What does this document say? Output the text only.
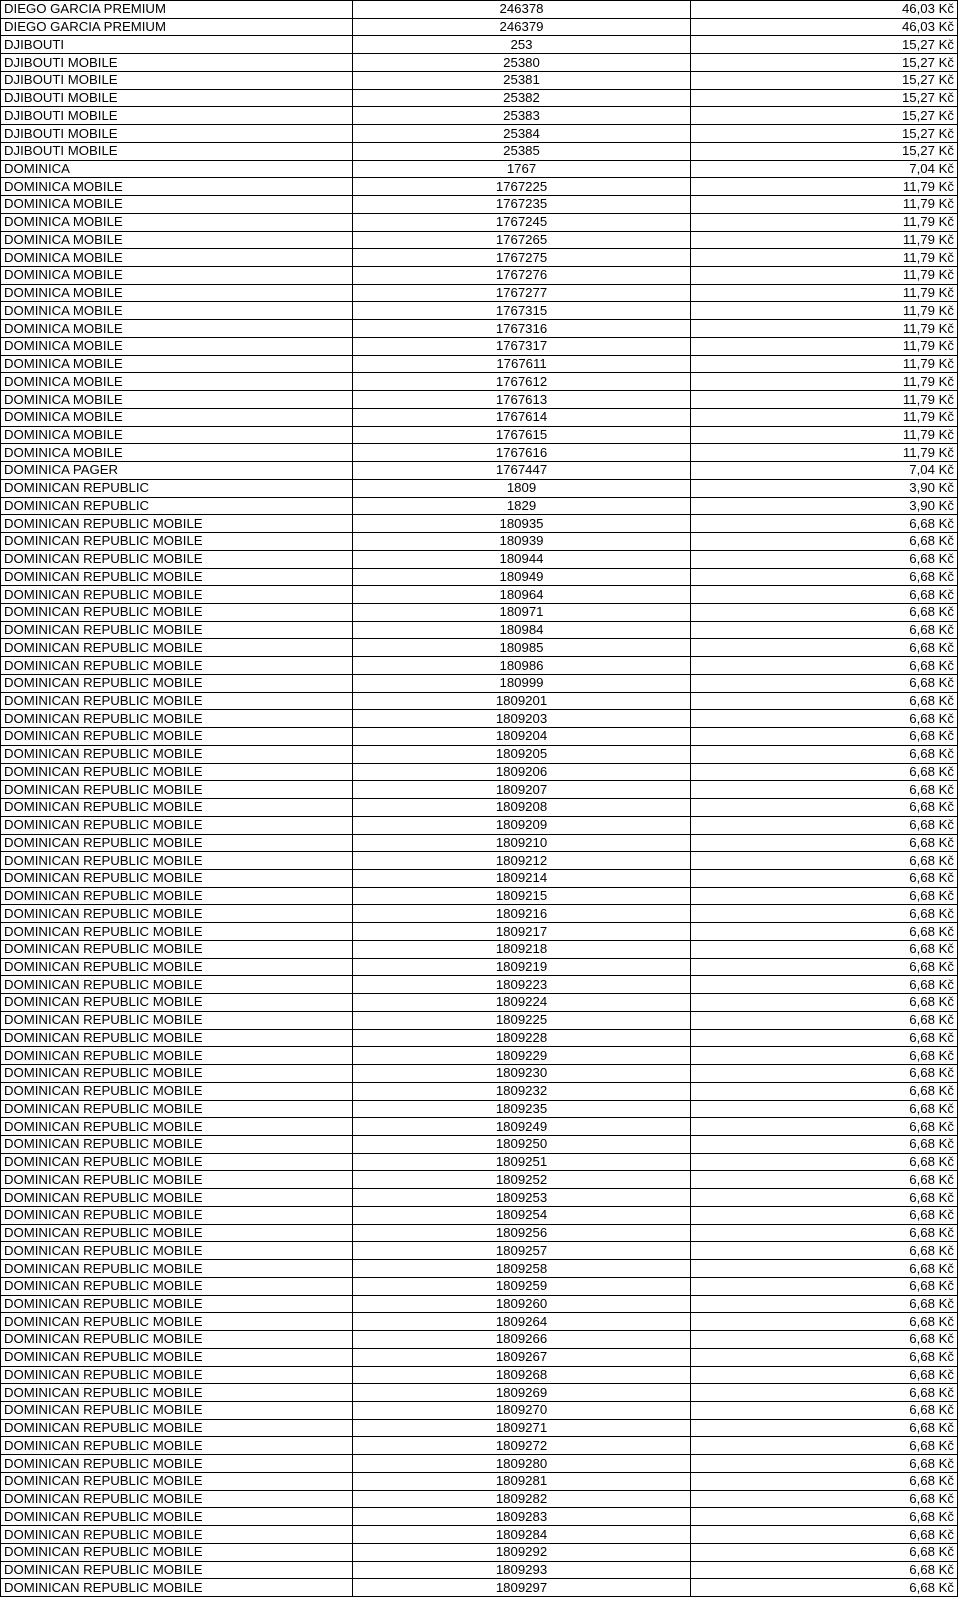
DIEGO GARCIA PREMIUM	246378	46,03 Kč
DIEGO GARCIA PREMIUM	246379	46,03 Kč
DJIBOUTI	253	15,27 Kč
DJIBOUTI MOBILE	25380	15,27 Kč
DJIBOUTI MOBILE	25381	15,27 Kč
DJIBOUTI MOBILE	25382	15,27 Kč
DJIBOUTI MOBILE	25383	15,27 Kč
DJIBOUTI MOBILE	25384	15,27 Kč
DJIBOUTI MOBILE	25385	15,27 Kč
DOMINICA	1767	7,04 Kč
DOMINICA MOBILE	1767225	11,79 Kč
DOMINICA MOBILE	1767235	11,79 Kč
DOMINICA MOBILE	1767245	11,79 Kč
DOMINICA MOBILE	1767265	11,79 Kč
DOMINICA MOBILE	1767275	11,79 Kč
DOMINICA MOBILE	1767276	11,79 Kč
DOMINICA MOBILE	1767277	11,79 Kč
DOMINICA MOBILE	1767315	11,79 Kč
DOMINICA MOBILE	1767316	11,79 Kč
DOMINICA MOBILE	1767317	11,79 Kč
DOMINICA MOBILE	1767611	11,79 Kč
DOMINICA MOBILE	1767612	11,79 Kč
DOMINICA MOBILE	1767613	11,79 Kč
DOMINICA MOBILE	1767614	11,79 Kč
DOMINICA MOBILE	1767615	11,79 Kč
DOMINICA MOBILE	1767616	11,79 Kč
DOMINICA PAGER	1767447	7,04 Kč
DOMINICAN REPUBLIC	1809	3,90 Kč
DOMINICAN REPUBLIC	1829	3,90 Kč
DOMINICAN REPUBLIC MOBILE	180935	6,68 Kč
DOMINICAN REPUBLIC MOBILE	180939	6,68 Kč
DOMINICAN REPUBLIC MOBILE	180944	6,68 Kč
DOMINICAN REPUBLIC MOBILE	180949	6,68 Kč
DOMINICAN REPUBLIC MOBILE	180964	6,68 Kč
DOMINICAN REPUBLIC MOBILE	180971	6,68 Kč
DOMINICAN REPUBLIC MOBILE	180984	6,68 Kč
DOMINICAN REPUBLIC MOBILE	180985	6,68 Kč
DOMINICAN REPUBLIC MOBILE	180986	6,68 Kč
DOMINICAN REPUBLIC MOBILE	180999	6,68 Kč
DOMINICAN REPUBLIC MOBILE	1809201	6,68 Kč
DOMINICAN REPUBLIC MOBILE	1809203	6,68 Kč
DOMINICAN REPUBLIC MOBILE	1809204	6,68 Kč
DOMINICAN REPUBLIC MOBILE	1809205	6,68 Kč
DOMINICAN REPUBLIC MOBILE	1809206	6,68 Kč
DOMINICAN REPUBLIC MOBILE	1809207	6,68 Kč
DOMINICAN REPUBLIC MOBILE	1809208	6,68 Kč
DOMINICAN REPUBLIC MOBILE	1809209	6,68 Kč
DOMINICAN REPUBLIC MOBILE	1809210	6,68 Kč
DOMINICAN REPUBLIC MOBILE	1809212	6,68 Kč
DOMINICAN REPUBLIC MOBILE	1809214	6,68 Kč
DOMINICAN REPUBLIC MOBILE	1809215	6,68 Kč
DOMINICAN REPUBLIC MOBILE	1809216	6,68 Kč
DOMINICAN REPUBLIC MOBILE	1809217	6,68 Kč
DOMINICAN REPUBLIC MOBILE	1809218	6,68 Kč
DOMINICAN REPUBLIC MOBILE	1809219	6,68 Kč
DOMINICAN REPUBLIC MOBILE	1809223	6,68 Kč
DOMINICAN REPUBLIC MOBILE	1809224	6,68 Kč
DOMINICAN REPUBLIC MOBILE	1809225	6,68 Kč
DOMINICAN REPUBLIC MOBILE	1809228	6,68 Kč
DOMINICAN REPUBLIC MOBILE	1809229	6,68 Kč
DOMINICAN REPUBLIC MOBILE	1809230	6,68 Kč
DOMINICAN REPUBLIC MOBILE	1809232	6,68 Kč
DOMINICAN REPUBLIC MOBILE	1809235	6,68 Kč
DOMINICAN REPUBLIC MOBILE	1809249	6,68 Kč
DOMINICAN REPUBLIC MOBILE	1809250	6,68 Kč
DOMINICAN REPUBLIC MOBILE	1809251	6,68 Kč
DOMINICAN REPUBLIC MOBILE	1809252	6,68 Kč
DOMINICAN REPUBLIC MOBILE	1809253	6,68 Kč
DOMINICAN REPUBLIC MOBILE	1809254	6,68 Kč
DOMINICAN REPUBLIC MOBILE	1809256	6,68 Kč
DOMINICAN REPUBLIC MOBILE	1809257	6,68 Kč
DOMINICAN REPUBLIC MOBILE	1809258	6,68 Kč
DOMINICAN REPUBLIC MOBILE	1809259	6,68 Kč
DOMINICAN REPUBLIC MOBILE	1809260	6,68 Kč
DOMINICAN REPUBLIC MOBILE	1809264	6,68 Kč
DOMINICAN REPUBLIC MOBILE	1809266	6,68 Kč
DOMINICAN REPUBLIC MOBILE	1809267	6,68 Kč
DOMINICAN REPUBLIC MOBILE	1809268	6,68 Kč
DOMINICAN REPUBLIC MOBILE	1809269	6,68 Kč
DOMINICAN REPUBLIC MOBILE	1809270	6,68 Kč
DOMINICAN REPUBLIC MOBILE	1809271	6,68 Kč
DOMINICAN REPUBLIC MOBILE	1809272	6,68 Kč
DOMINICAN REPUBLIC MOBILE	1809280	6,68 Kč
DOMINICAN REPUBLIC MOBILE	1809281	6,68 Kč
DOMINICAN REPUBLIC MOBILE	1809282	6,68 Kč
DOMINICAN REPUBLIC MOBILE	1809283	6,68 Kč
DOMINICAN REPUBLIC MOBILE	1809284	6,68 Kč
DOMINICAN REPUBLIC MOBILE	1809292	6,68 Kč
DOMINICAN REPUBLIC MOBILE	1809293	6,68 Kč
DOMINICAN REPUBLIC MOBILE	1809297	6,68 Kč
